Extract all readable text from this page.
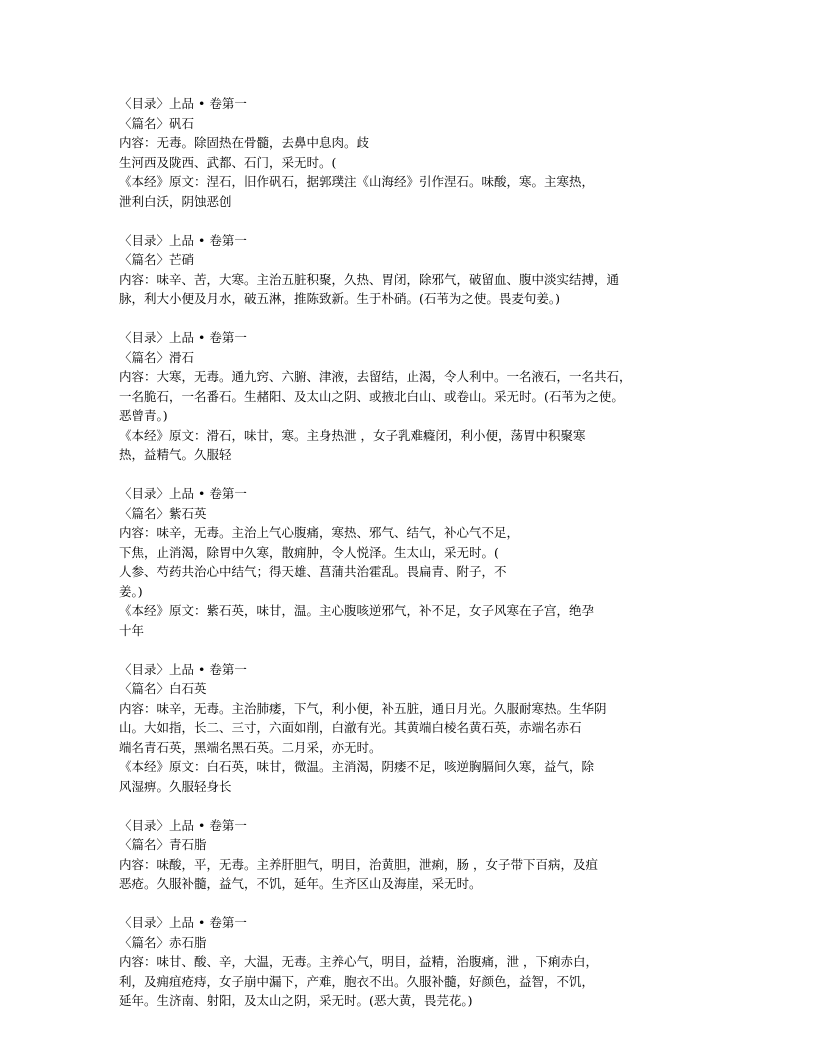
〈目录〉上品 • 卷第一
〈篇名〉矾石
内容：无毒。除固热在骨髓，去鼻中息肉。歧
生河西及陇西、武都、石门，采无时。(
《本经》原文：涅石，旧作矾石，据郭璞注《山海经》引作涅石。味酸，寒。主寒热，
泄利白沃，阴蚀恶创
〈目录〉上品 • 卷第一
〈篇名〉芒硝
内容：味辛、苦，大寒。主治五脏积聚，久热、胃闭，除邪气，破留血、腹中淡实结搏，通
脉，利大小便及月水，破五淋，推陈致新。生于朴硝。(石苇为之使。畏麦句姜。)
〈目录〉上品 • 卷第一
〈篇名〉滑石
内容：大寒，无毒。通九窍、六腑、津液，去留结，止渴，令人利中。一名液石，一名共石，
一名脆石，一名番石。生赭阳、及太山之阴、或掖北白山、或卷山。采无时。(石苇为之使。
恶曾青。)
《本经》原文：滑石，味甘，寒。主身热泄 ，女子乳难癃闭，利小便，荡胃中积聚寒
热，益精气。久服轻
〈目录〉上品 • 卷第一
〈篇名〉紫石英
内容：味辛，无毒。主治上气心腹痛，寒热、邪气、结气，补心气不足，
下焦，止消渴，除胃中久寒，散痈肿，令人悦泽。生太山，采无时。(
人参、芍药共治心中结气；得天雄、菖蒲共治霍乱。畏扁青、附子，不
姜。)
《本经》原文：紫石英，味甘，温。主心腹咳逆邪气，补不足，女子风寒在子宫，绝孕
十年
〈目录〉上品 • 卷第一
〈篇名〉白石英
内容：味辛，无毒。主治肺痿，下气，利小便，补五脏，通日月光。久服耐寒热。生华阴
山。大如指，长二、三寸，六面如削，白澈有光。其黄端白棱名黄石英，赤端名赤石
端名青石英，黑端名黑石英。二月采，亦无时。
《本经》原文：白石英，味甘，微温。主消渴，阴痿不足，咳逆胸膈间久寒，益气，除
风湿痹。久服轻身长
〈目录〉上品 • 卷第一
〈篇名〉青石脂
内容：味酸，平，无毒。主养肝胆气，明目，治黄胆，泄痢，肠 ，女子带下百病，及疽
恶疮。久服补髓，益气，不饥，延年。生齐区山及海崖，采无时。
〈目录〉上品 • 卷第一
〈篇名〉赤石脂
内容：味甘、酸、辛，大温，无毒。主养心气，明目，益精，治腹痛，泄 ，下痢赤白，
利，及痈疽疮痔，女子崩中漏下，产难，胞衣不出。久服补髓，好颜色，益智，不饥，
延年。生济南、射阳，及太山之阴，采无时。(恶大黄，畏芫花。)
